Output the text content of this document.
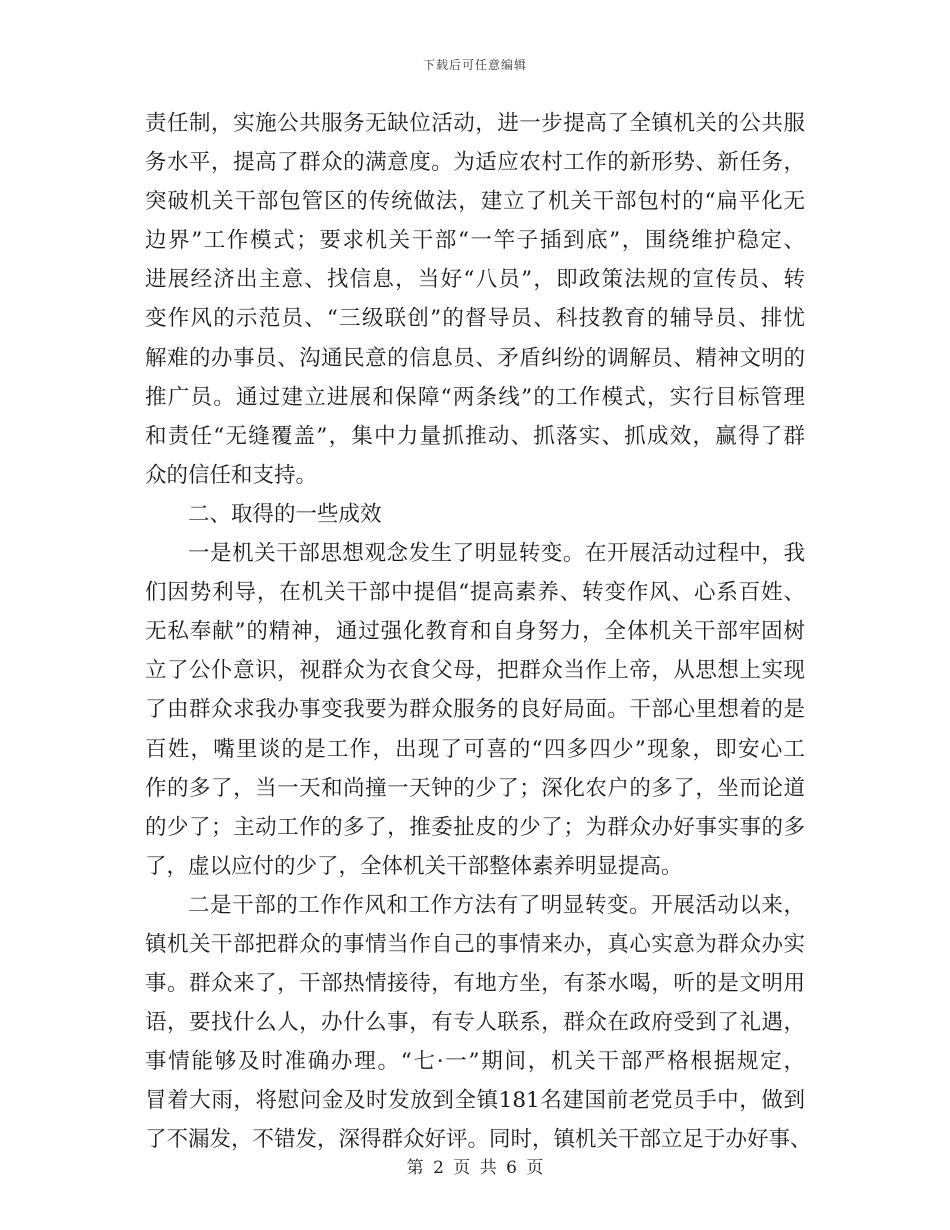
下载后可任意编辑
责任制，实施公共服务无缺位活动，进一步提高了全镇机关的公共服
务水平，提高了群众的满意度。为适应农村工作的新形势、新任务，
突破机关干部包管区的传统做法，建立了机关干部包村的“扁平化无
边界”工作模式；要求机关干部“一竿子插到底”，围绕维护稳定、
进展经济出主意、找信息，当好“八员”，即政策法规的宣传员、转
变作风的示范员、“三级联创”的督导员、科技教育的辅导员、排忧
解难的办事员、沟通民意的信息员、矛盾纠纷的调解员、精神文明的
推广员。通过建立进展和保障“两条线”的工作模式，实行目标管理
和责任“无缝覆盖”，集中力量抓推动、抓落实、抓成效，赢得了群
众的信任和支持。
二、取得的一些成效
一是机关干部思想观念发生了明显转变。在开展活动过程中，我
们因势利导，在机关干部中提倡“提高素养、转变作风、心系百姓、
无私奉献”的精神，通过强化教育和自身努力，全体机关干部牢固树
立了公仆意识，视群众为衣食父母，把群众当作上帝，从思想上实现
了由群众求我办事变我要为群众服务的良好局面。干部心里想着的是
百姓，嘴里谈的是工作，出现了可喜的“四多四少”现象，即安心工
作的多了，当一天和尚撞一天钟的少了；深化农户的多了，坐而论道
的少了；主动工作的多了，推委扯皮的少了；为群众办好事实事的多
了，虚以应付的少了，全体机关干部整体素养明显提高。
二是干部的工作作风和工作方法有了明显转变。开展活动以来，
镇机关干部把群众的事情当作自己的事情来办，真心实意为群众办实
事。群众来了，干部热情接待，有地方坐，有茶水喝，听的是文明用
语，要找什么人，办什么事，有专人联系，群众在政府受到了礼遇，
事情能够及时准确办理。“七·一”期间，机关干部严格根据规定，
冒着大雨，将慰问金及时发放到全镇181名建国前老党员手中，做到
了不漏发，不错发，深得群众好评。同时，镇机关干部立足于办好事、
第 2 页 共 6 页
